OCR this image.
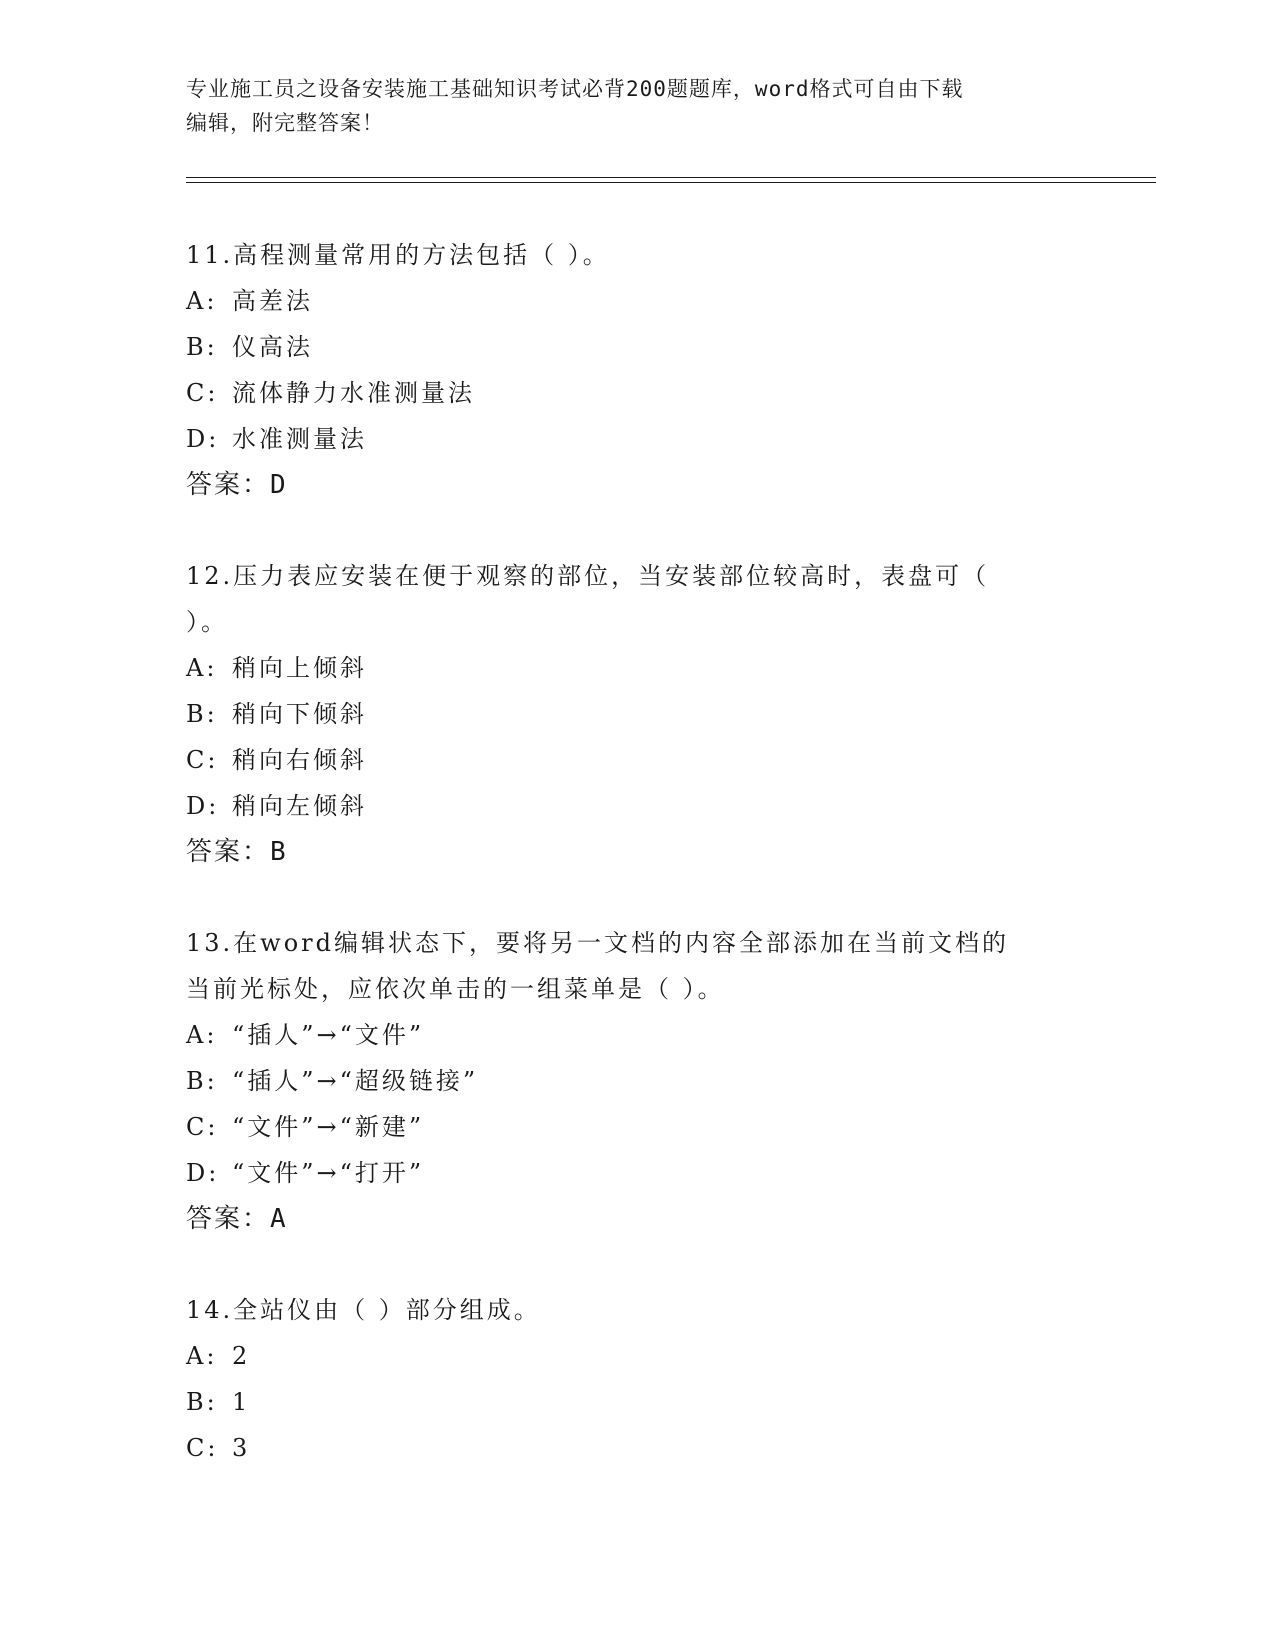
专业施工员之设备安装施工基础知识考试必背200题题库，word格式可自由下载
编辑，附完整答案！
11.高程测量常用的方法包括（ ）。
A: 高差法
B: 仪高法
C: 流体静力水准测量法
D: 水准测量法
答案：D
12.压力表应安装在便于观察的部位，当安装部位较高时，表盘可（
）。
A: 稍向上倾斜
B: 稍向下倾斜
C: 稍向右倾斜
D: 稍向左倾斜
答案：B
13.在word编辑状态下，要将另一文档的内容全部添加在当前文档的
当前光标处，应依次单击的一组菜单是（ ）。
A: “插人”→“文件”
B: “插人”→“超级链接”
C: “文件”→“新建”
D: “文件”→“打开”
答案：A
14.全站仪由（ ）部分组成。
A: 2
B: 1
C: 3
